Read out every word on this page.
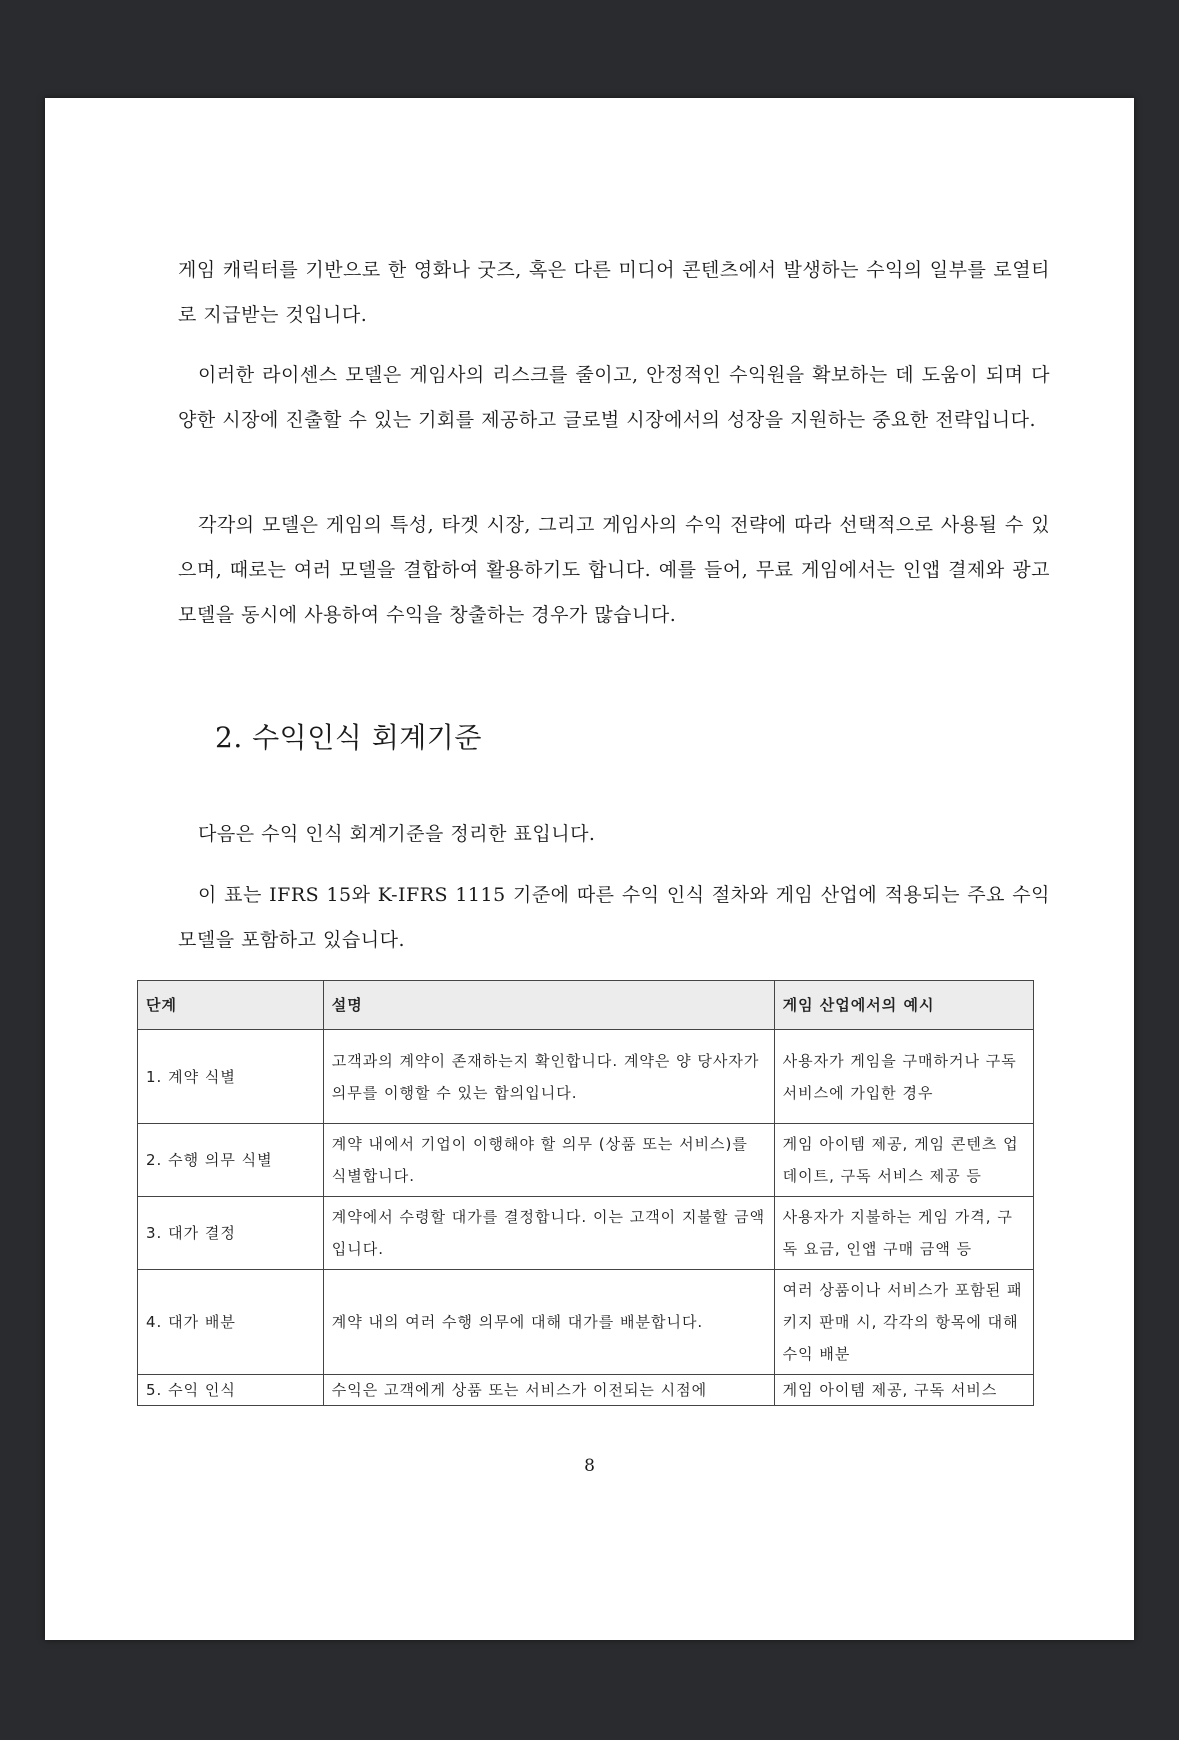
게임 캐릭터를 기반으로 한 영화나 굿즈, 혹은 다른 미디어 콘텐츠에서 발생하는 수익의 일부를 로열티로 지급받는 것입니다.

이러한 라이센스 모델은 게임사의 리스크를 줄이고, 안정적인 수익원을 확보하는 데 도움이 되며 다양한 시장에 진출할 수 있는 기회를 제공하고 글로벌 시장에서의 성장을 지원하는 중요한 전략입니다.

각각의 모델은 게임의 특성, 타겟 시장, 그리고 게임사의 수익 전략에 따라 선택적으로 사용될 수 있으며, 때로는 여러 모델을 결합하여 활용하기도 합니다. 예를 들어, 무료 게임에서는 인앱 결제와 광고 모델을 동시에 사용하여 수익을 창출하는 경우가 많습니다.

2. 수익인식 회계기준

다음은 수익 인식 회계기준을 정리한 표입니다.

이 표는 IFRS 15와 K-IFRS 1115 기준에 따른 수익 인식 절차와 게임 산업에 적용되는 주요 수익 모델을 포함하고 있습니다.

단계	설명	게임 산업에서의 예시
1. 계약 식별	고객과의 계약이 존재하는지 확인합니다. 계약은 양 당사자가 의무를 이행할 수 있는 합의입니다.	사용자가 게임을 구매하거나 구독 서비스에 가입한 경우
2. 수행 의무 식별	계약 내에서 기업이 이행해야 할 의무 (상품 또는 서비스)를 식별합니다.	게임 아이템 제공, 게임 콘텐츠 업데이트, 구독 서비스 제공 등
3. 대가 결정	계약에서 수령할 대가를 결정합니다. 이는 고객이 지불할 금액입니다.	사용자가 지불하는 게임 가격, 구독 요금, 인앱 구매 금액 등
4. 대가 배분	계약 내의 여러 수행 의무에 대해 대가를 배분합니다.	여러 상품이나 서비스가 포함된 패키지 판매 시, 각각의 항목에 대해 수익 배분
5. 수익 인식	수익은 고객에게 상품 또는 서비스가 이전되는 시점에	게임 아이템 제공, 구독 서비스

8
